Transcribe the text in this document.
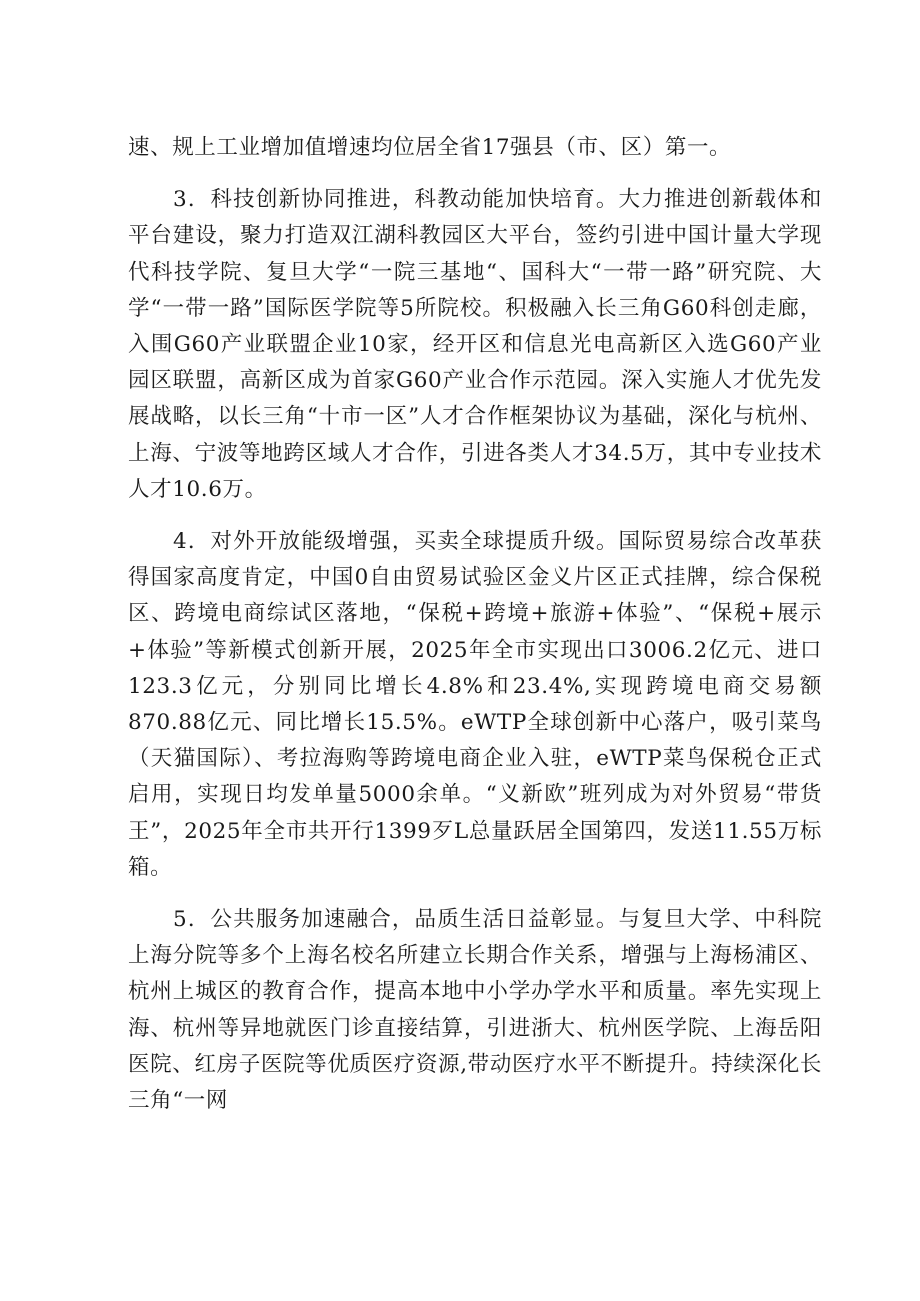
速、规上工业增加值增速均位居全省17强县（市、区）第一。

3．科技创新协同推进，科教动能加快培育。大力推进创新载体和平台建设，聚力打造双江湖科教园区大平台，签约引进中国计量大学现代科技学院、复旦大学“一院三基地“、国科大“一带一路”研究院、大学“一带一路”国际医学院等5所院校。积极融入长三角G60科创走廊，入围G60产业联盟企业10家，经开区和信息光电高新区入选G60产业园区联盟，高新区成为首家G60产业合作示范园。深入实施人才优先发展战略，以长三角“十市一区”人才合作框架协议为基础，深化与杭州、上海、宁波等地跨区域人才合作，引进各类人才34.5万，其中专业技术人才10.6万。

4．对外开放能级增强，买卖全球提质升级。国际贸易综合改革获得国家高度肯定，中国0自由贸易试验区金义片区正式挂牌，综合保税区、跨境电商综试区落地，“保税+跨境+旅游+体验”、“保税+展示+体验”等新模式创新开展，2025年全市实现出口3006.2亿元、进口123.3亿元，分别同比增长4.8%和23.4%,实现跨境电商交易额870.88亿元、同比增长15.5%。eWTP全球创新中心落户，吸引菜鸟（天猫国际）、考拉海购等跨境电商企业入驻，eWTP菜鸟保税仓正式启用，实现日均发单量5000余单。“义新欧”班列成为对外贸易“带货王”，2025年全市共开行1399歹L总量跃居全国第四，发送11.55万标箱。

5．公共服务加速融合，品质生活日益彰显。与复旦大学、中科院上海分院等多个上海名校名所建立长期合作关系，增强与上海杨浦区、杭州上城区的教育合作，提高本地中小学办学水平和质量。率先实现上海、杭州等异地就医门诊直接结算，引进浙大、杭州医学院、上海岳阳医院、红房子医院等优质医疗资源,带动医疗水平不断提升。持续深化长三角“一网
